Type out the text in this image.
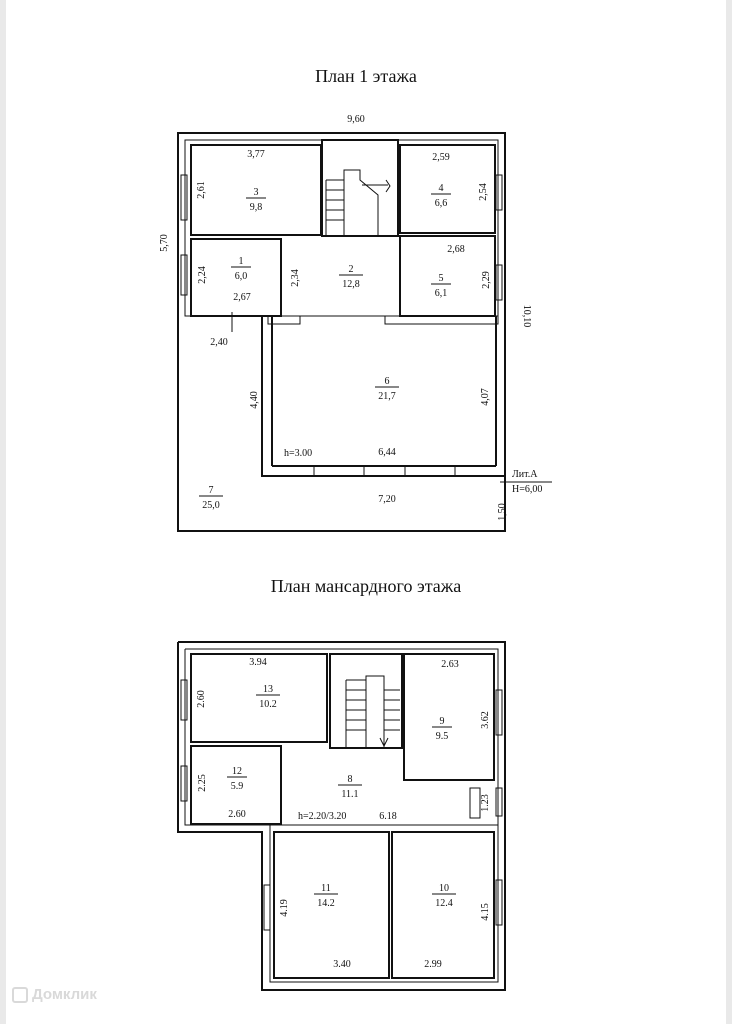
План 1 этажа
План мансардного этажа
9,60
5,70
10,10
3,77
2,61
2,59
2,54
2,24
2,67
2,34
2,68
2,29
2,40
4,40	4,07
6,44
7,20
1,50
3
9,8
4
6,6
1
6,0
2
12,8
5
6,1
6
21,7
7
25,0
h=3.00
Лит.А
H=6,00
3.94
2.60
2.63
3.62
2.25
2.60	6.18
1.23
4.19
3.40	2.99
4.15
13
10.2
9
9.5
12
5.9
8
11.1
11
14.2
10
12.4
h=2.20/3.20
Домклик
